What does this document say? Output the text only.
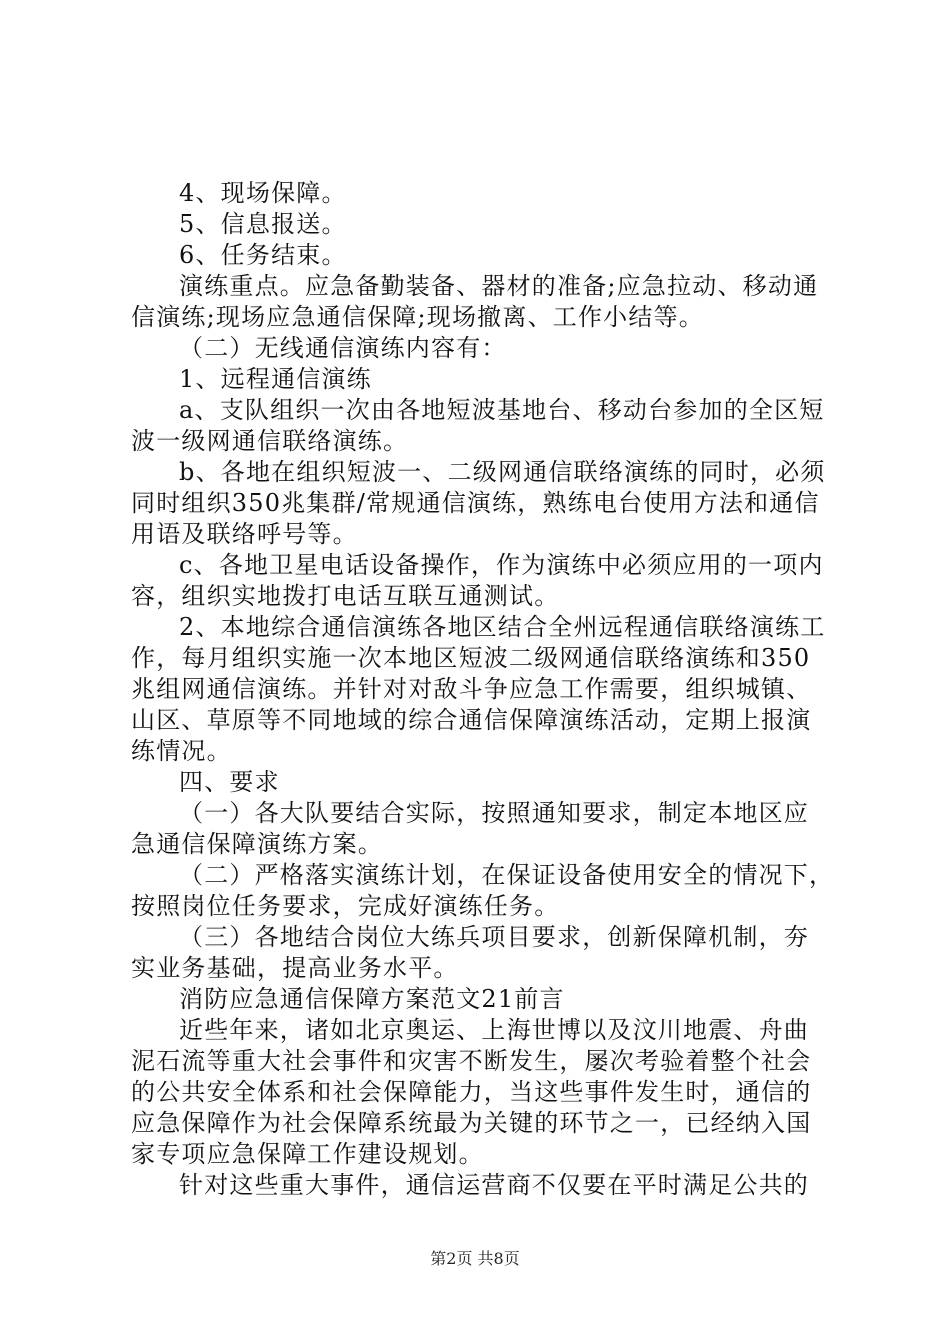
4、现场保障。
5、信息报送。
6、任务结束。
演练重点。应急备勤装备、器材的准备;应急拉动、移动通
信演练;现场应急通信保障;现场撤离、工作小结等。
（二）无线通信演练内容有：
1、远程通信演练
a、支队组织一次由各地短波基地台、移动台参加的全区短
波一级网通信联络演练。
b、各地在组织短波一、二级网通信联络演练的同时，必须
同时组织350兆集群/常规通信演练，熟练电台使用方法和通信
用语及联络呼号等。
c、各地卫星电话设备操作，作为演练中必须应用的一项内
容，组织实地拨打电话互联互通测试。
2、本地综合通信演练各地区结合全州远程通信联络演练工
作，每月组织实施一次本地区短波二级网通信联络演练和350
兆组网通信演练。并针对对敌斗争应急工作需要，组织城镇、
山区、草原等不同地域的综合通信保障演练活动，定期上报演
练情况。
四、要求
（一）各大队要结合实际，按照通知要求，制定本地区应
急通信保障演练方案。
（二）严格落实演练计划，在保证设备使用安全的情况下，
按照岗位任务要求，完成好演练任务。
（三）各地结合岗位大练兵项目要求，创新保障机制，夯
实业务基础，提高业务水平。
消防应急通信保障方案范文21前言
近些年来，诸如北京奥运、上海世博以及汶川地震、舟曲
泥石流等重大社会事件和灾害不断发生，屡次考验着整个社会
的公共安全体系和社会保障能力，当这些事件发生时，通信的
应急保障作为社会保障系统最为关键的环节之一，已经纳入国
家专项应急保障工作建设规划。
针对这些重大事件，通信运营商不仅要在平时满足公共的
第2页 共8页
